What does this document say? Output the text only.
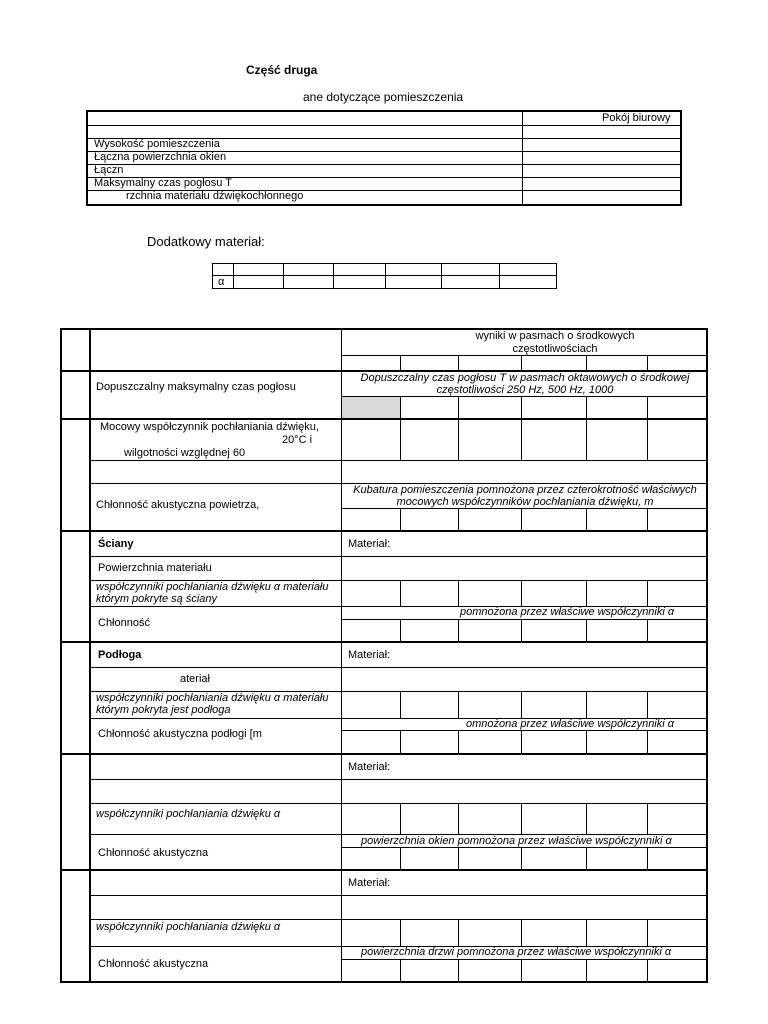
Część druga
ane dotyczące pomieszczenia
Pokój biurowy
Wysokość pomieszczenia
Łączna powierzchnia okien
Łączn
Maksymalny czas pogłosu T
rzchnia materiału dźwiękochłonnego
Dodatkowy materiał:
α
wyniki w pasmach o środkowych częstotliwościach
Dopuszczalny maksymalny czas pogłosu
Dopuszczalny czas pogłosu T w pasmach oktawowych o środkowej częstotliwości 250 Hz, 500 Hz, 1000
Mocowy współczynnik pochłaniania dźwięku,
20°C i
wilgotności względnej 60
Chłonność akustyczna powietrza,
Kubatura pomieszczenia pomnożona przez czterokrotność właściwych mocowych współczynników pochłaniania dźwięku, m
Ściany	Materiał:
Powierzchnia materiału
współczynniki pochłaniania dźwięku α materiału którym pokryte są ściany
Chłonność
pomnożona przez właściwe współczynniki α
Podłoga	Materiał:
ateriał
współczynniki pochłaniania dźwięku α materiału którym pokryta jest podłoga
Chłonność akustyczna podłogi [m
omnożona przez właściwe współczynniki α
Materiał:
współczynniki pochłaniania dźwięku α
Chłonność akustyczna
powierzchnia okien pomnożona przez właściwe współczynniki α
Materiał:
współczynniki pochłaniania dźwięku α
Chłonność akustyczna
powierzchnia drzwi pomnożona przez właściwe współczynniki α
